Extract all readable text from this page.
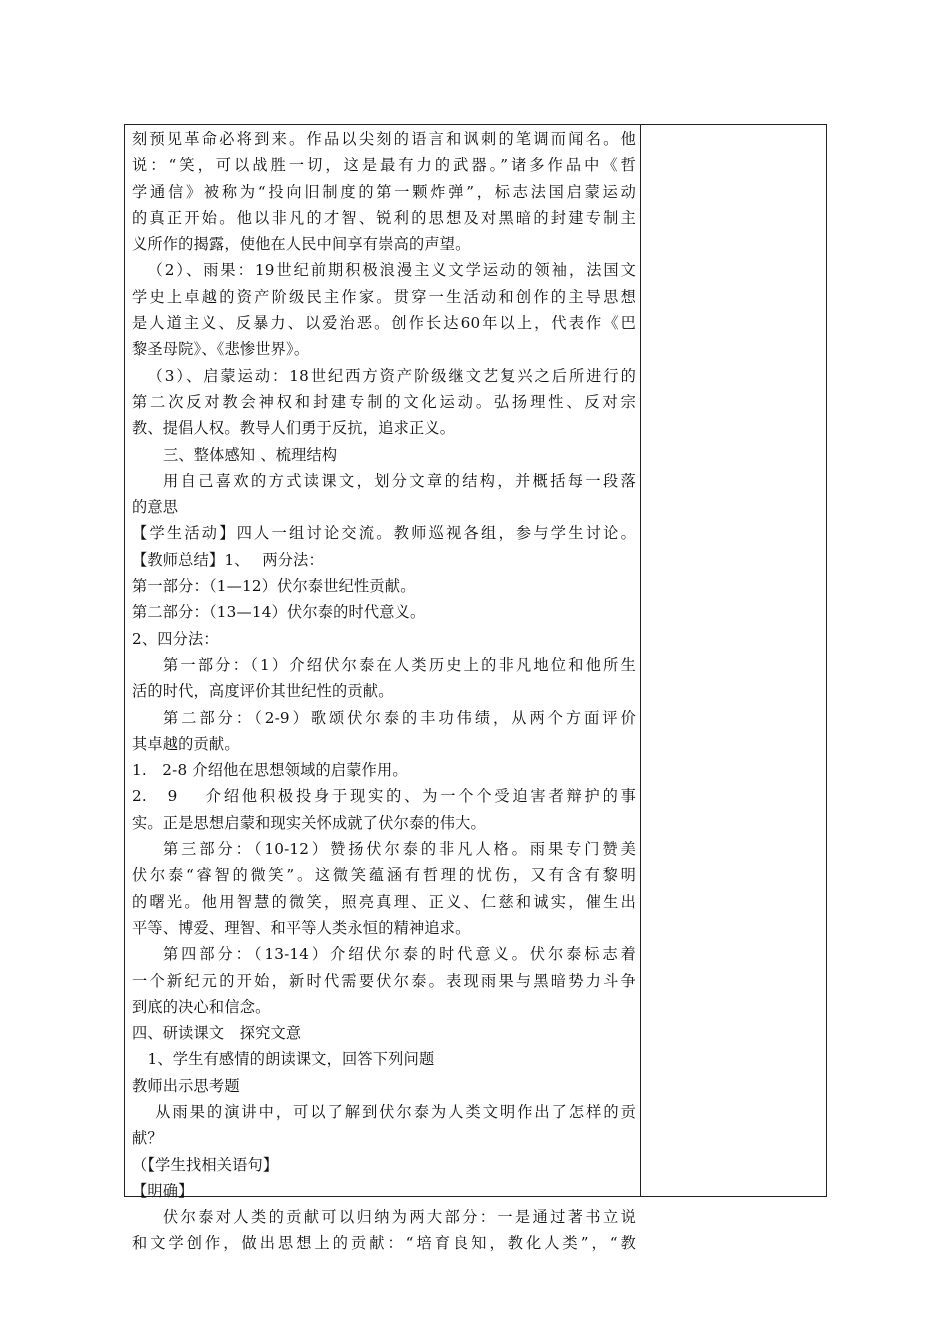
刻预见革命必将到来。作品以尖刻的语言和讽刺的笔调而闻名。他
说：“笑，可以战胜一切，这是最有力的武器。”诸多作品中《哲
学通信》被称为“投向旧制度的第一颗炸弹”，标志法国启蒙运动
的真正开始。他以非凡的才智、锐利的思想及对黑暗的封建专制主
义所作的揭露，使他在人民中间享有崇高的声望。
（2）、雨果：19世纪前期积极浪漫主义文学运动的领袖，法国文
学史上卓越的资产阶级民主作家。贯穿一生活动和创作的主导思想
是人道主义、反暴力、以爱治恶。创作长达60年以上，代表作《巴
黎圣母院》、《悲惨世界》。
（3）、启蒙运动：18世纪西方资产阶级继文艺复兴之后所进行的
第二次反对教会神权和封建专制的文化运动。弘扬理性、反对宗
教、提倡人权。教导人们勇于反抗，追求正义。
三、整体感知 、梳理结构
用自己喜欢的方式读课文，划分文章的结构，并概括每一段落
的意思
【学生活动】四人一组讨论交流。教师巡视各组，参与学生讨论。
【教师总结】1、　 两分法：
第一部分：（1—12）伏尔泰世纪性贡献。
第二部分：（13—14）伏尔泰的时代意义。
2、四分法：
第一部分：（1）介绍伏尔泰在人类历史上的非凡地位和他所生
活的时代，高度评价其世纪性的贡献。
第二部分：（2-9）歌颂伏尔泰的丰功伟绩，从两个方面评价
其卓越的贡献。
1.　2-8 介绍他在思想领域的启蒙作用。
2.　9　 介绍他积极投身于现实的、为一个个受迫害者辩护的事
实。正是思想启蒙和现实关怀成就了伏尔泰的伟大。
第三部分：（10-12）赞扬伏尔泰的非凡人格。雨果专门赞美
伏尔泰“睿智的微笑”。这微笑蕴涵有哲理的忧伤，又有含有黎明
的曙光。他用智慧的微笑，照亮真理、正义、仁慈和诚实，催生出
平等、博爱、理智、和平等人类永恒的精神追求。
第四部分：（13-14）介绍伏尔泰的时代意义。伏尔泰标志着
一个新纪元的开始，新时代需要伏尔泰。表现雨果与黑暗势力斗争
到底的决心和信念。
四、研读课文　探究文意
1、学生有感情的朗读课文，回答下列问题
教师出示思考题
从雨果的演讲中，可以了解到伏尔泰为人类文明作出了怎样的贡
献？
（【学生找相关语句】
【明确】
伏尔泰对人类的贡献可以归纳为两大部分：一是通过著书立说
和文学创作，做出思想上的贡献：“培育良知，教化人类”，“教
